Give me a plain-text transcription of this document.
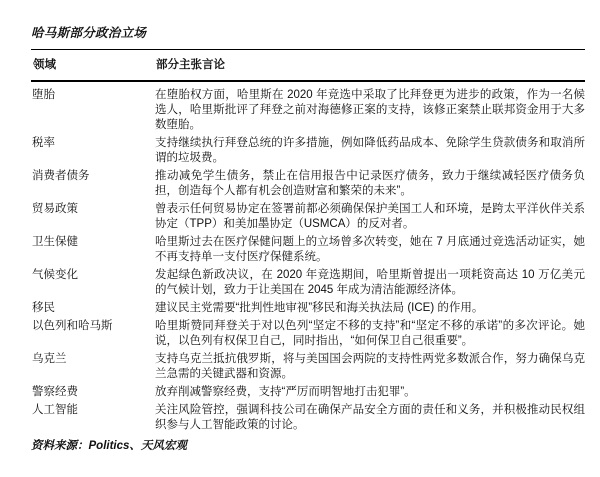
哈马斯部分政治立场
领域	部分主张言论
堕胎	在堕胎权方面，哈里斯在 2020 年竞选中采取了比拜登更为进步的政策，作为一名候选人，哈里斯批评了拜登之前对海德修正案的支持，该修正案禁止联邦资金用于大多数堕胎。
税率	支持继续执行拜登总统的许多措施，例如降低药品成本、免除学生贷款债务和取消所谓的垃圾费。
消费者债务	推动减免学生债务，禁止在信用报告中记录医疗债务，致力于继续减轻医疗债务负担，创造每个人都有机会创造财富和繁荣的未来”。
贸易政策	曾表示任何贸易协定在签署前都必须确保保护美国工人和环境，是跨太平洋伙伴关系协定（TPP）和美加墨协定（USMCA）的反对者。
卫生保健	哈里斯过去在医疗保健问题上的立场曾多次转变，她在 7 月底通过竞选活动证实，她不再支持单一支付医疗保健系统。
气候变化	发起绿色新政决议，在 2020 年竞选期间，哈里斯曾提出一项耗资高达 10 万亿美元的气候计划，致力于让美国在 2045 年成为清洁能源经济体。
移民	建议民主党需要“批判性地审视”移民和海关执法局 (ICE) 的作用。
以色列和哈马斯	哈里斯赞同拜登关于对以色列“坚定不移的支持”和“坚定不移的承诺”的多次评论。她说，以色列有权保卫自己，同时指出，“如何保卫自己很重要”。
乌克兰	支持乌克兰抵抗俄罗斯，将与美国国会两院的支持性两党多数派合作，努力确保乌克兰急需的关键武器和资源。
警察经费	放弃削减警察经费，支持“严厉而明智地打击犯罪”。
人工智能	关注风险管控，强调科技公司在确保产品安全方面的责任和义务，并积极推动民权组织参与人工智能政策的讨论。
资料来源：Politics、天风宏观
